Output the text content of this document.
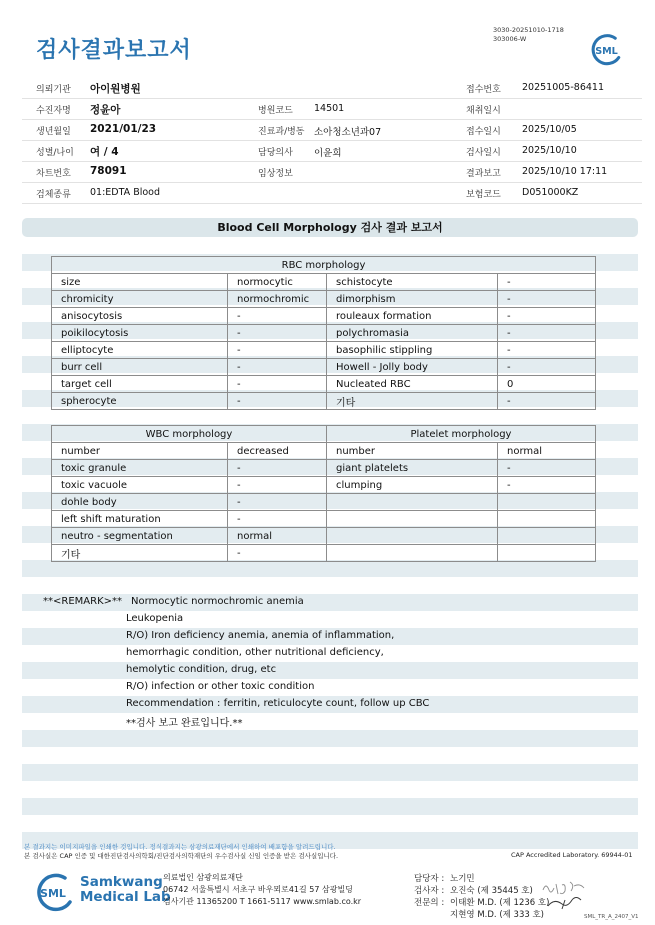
검사결과보고서
3030-20251010-1718
303006-W
SML
의뢰기관 아이원병원	접수번호 20251005-86411
수진자명 정윤아	병원코드 14501	채취일시
생년월일 2021/01/23	진료과/병동 소아청소년과07	접수일시 2025/10/05
성별/나이 여 / 4	담당의사 이윤희	검사일시 2025/10/10
차트번호 78091	임상정보	결과보고 2025/10/10 17:11
검체종류 01:EDTA Blood	보험코드 D051000KZ
Blood Cell Morphology 검사 결과 보고서
RBC morphology			
size	normocytic	schistocyte	-
chromicity	normochromic	dimorphism	-
anisocytosis	-	rouleaux formation	-
poikilocytosis	-	polychromasia	-
elliptocyte	-	basophilic stippling	-
burr cell	-	Howell - Jolly body	-
target cell	-	Nucleated RBC	0
spherocyte	-	기타	-
WBC morphology		Platelet morphology	
number	decreased	number	normal
toxic granule	-	giant platelets	-
toxic vacuole	-	clumping	-
dohle body	-		
left shift maturation	-		
neutro - segmentation	normal		
기타	-		
**<REMARK>** Normocytic normochromic anemia
Leukopenia
R/O) Iron deficiency anemia, anemia of inflammation,
hemorrhagic condition, other nutritional deficiency,
hemolytic condition, drug, etc
R/O) infection or other toxic condition
Recommendation : ferritin, reticulocyte count, follow up CBC
**검사 보고 완료입니다.**
본 결과지는 이미지파일을 인쇄한 것입니다. 정식결과지는 삼광의료재단에서 인쇄하여 배포함을 알려드립니다.
본 검사실은 CAP 인증 및 대한진단검사의학회/진단검사의학재단의 우수검사실 신임 인증을 받은 검사실입니다.	CAP Accredited Laboratory. 69944-01
SML
Samkwang
Medical Lab
의료법인 삼광의료재단
06742 서울특별시 서초구 바우뫼로41길 57 삼광빌딩
검사기관 11365200 T 1661-5117 www.smlab.co.kr
담당자 : 노기민
검사자 : 오진숙 (제 35445 호)
전문의 : 이태환 M.D. (제 1236 호)
지현영 M.D. (제 333 호)	SML_TR_A_2407_V1
